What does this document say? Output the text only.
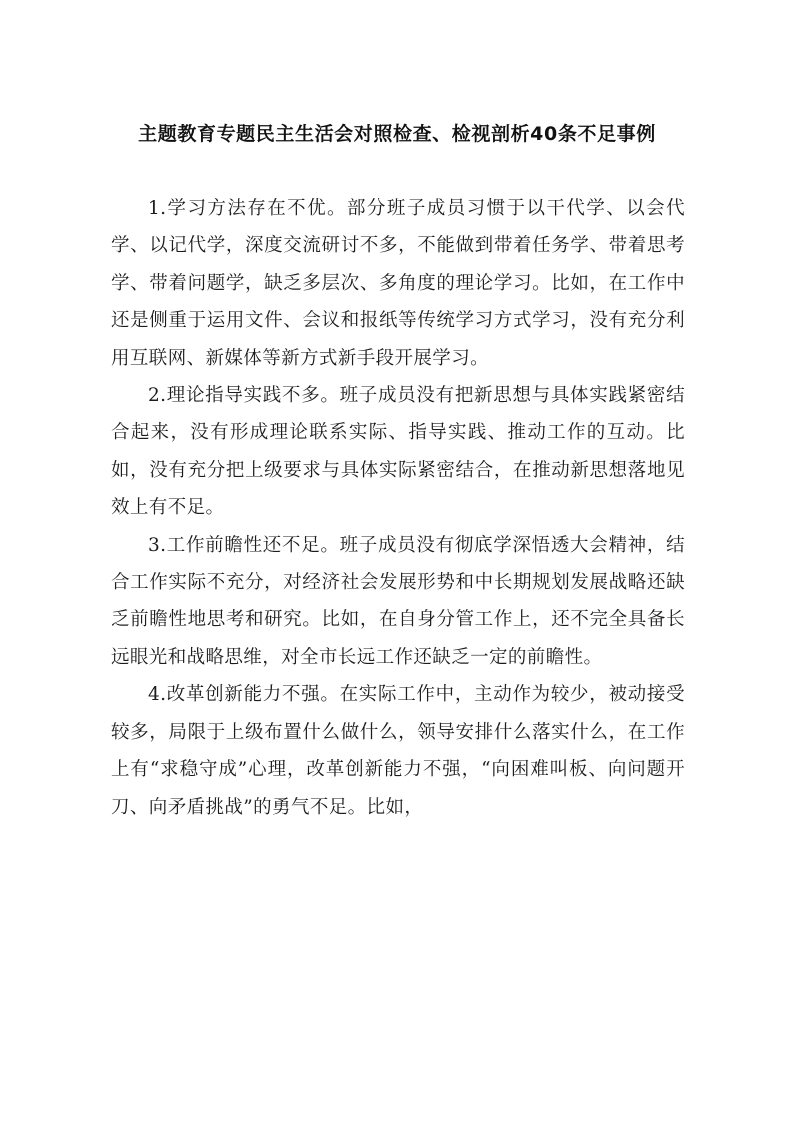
主题教育专题民主生活会对照检查、检视剖析40条不足事例

1.学习方法存在不优。部分班子成员习惯于以干代学、以会代学、以记代学，深度交流研讨不多，不能做到带着任务学、带着思考学、带着问题学，缺乏多层次、多角度的理论学习。比如，在工作中还是侧重于运用文件、会议和报纸等传统学习方式学习，没有充分利用互联网、新媒体等新方式新手段开展学习。

2.理论指导实践不多。班子成员没有把新思想与具体实践紧密结合起来，没有形成理论联系实际、指导实践、推动工作的互动。比如，没有充分把上级要求与具体实际紧密结合，在推动新思想落地见效上有不足。

3.工作前瞻性还不足。班子成员没有彻底学深悟透大会精神，结合工作实际不充分，对经济社会发展形势和中长期规划发展战略还缺乏前瞻性地思考和研究。比如，在自身分管工作上，还不完全具备长远眼光和战略思维，对全市长远工作还缺乏一定的前瞻性。

4.改革创新能力不强。在实际工作中，主动作为较少，被动接受较多，局限于上级布置什么做什么，领导安排什么落实什么，在工作上有“求稳守成”心理，改革创新能力不强，“向困难叫板、向问题开刀、向矛盾挑战”的勇气不足。比如，
